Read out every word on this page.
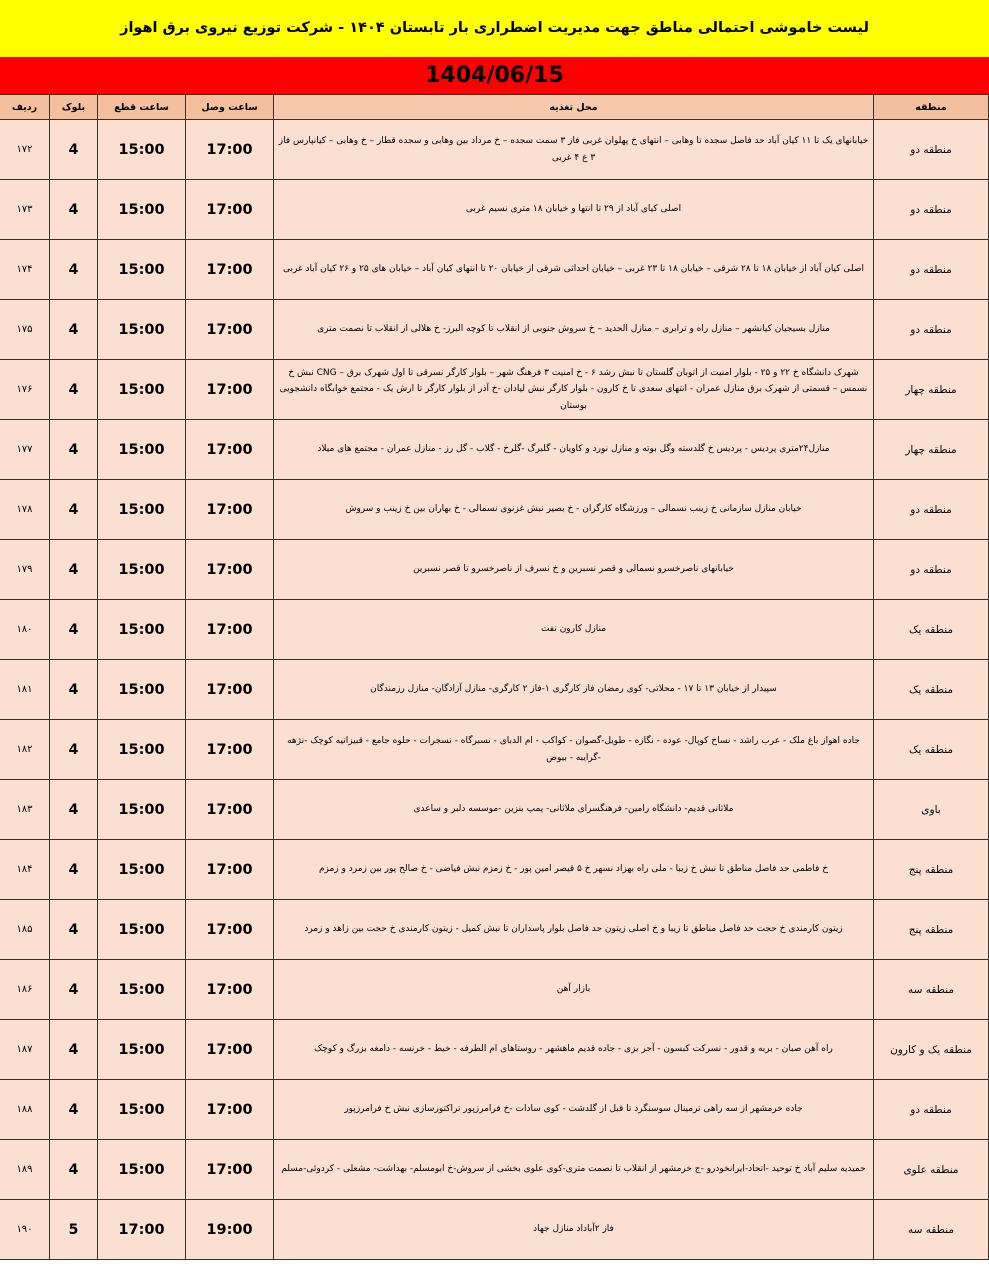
لیست خاموشی احتمالی مناطق جهت مدیریت اضطراری بار تابستان ۱۴۰۴ - شرکت توزیع نیروی برق اهواز
1404/06/15
منطقه	محل تغذیه	ساعت وصل	ساعت قطع	بلوک	ردیف
منطقه دو	خیابانهای یک تا ۱۱ کیان آباد حد فاصل سجده تا وهابی – انتهای خ پهلوان غربی فاز ۳ سمت سجده – خ مرداد بین وهابی و سجده قطار – خ وهابی – کیانپارس فاز ۳ غ ۴ غربی	17:00	15:00	4	۱۷۲
منطقه دو	اصلی کیای آباد از ۲۹ تا انتها و خیابان ۱۸ متری نسیم غربی	17:00	15:00	4	۱۷۳
منطقه دو	اصلی کیان آباد از خیابان ۱۸ تا ۲۸ شرقی – خیابان ۱۸ تا ۲۳ غربی – خیابان احداثی شرقی از خیابان ۲۰ تا انتهای کیان آباد – خیابان های ۲۵ و ۲۶ کیان آباد غربی	17:00	15:00	4	۱۷۴
منطقه دو	منازل بسیجیان کیانشهر – منازل راه و ترابری – منازل الحدید – خ سروش جنوبی از انقلاب تا کوچه البرز- خ هلالی از انقلاب تا نصمت متری	17:00	15:00	4	۱۷۵
منطقه چهار	شهرک دانشگاه خ ۲۲ و ۲۵ - بلوار امنیت از اتوبان گلستان تا نبش رشد ۶ - خ امنیت ۳ فرهنگ شهر – بلوار کارگر نسرقی تا اول شهرک برق – CNG نبش خ نسمس – قسمتی از شهرک برق منازل عمران - انتهای سعدی تا خ کارون - بلوار کارگر نبش لیادان -خ آذر از بلوار کارگر تا ارش یک - مجتمع خوابگاه دانشجویی بوستان	17:00	15:00	4	۱۷۶
منطقه چهار	منازل۲۴متری پردیس - پردیس خ گلدسته وگل بوته و منازل نورد و کاویان - گلبرگ -گلرخ - گلاب - گل رز - منازل عمران - مجتمع های میلاد	17:00	15:00	4	۱۷۷
منطقه دو	خیابان منازل سازمانی خ زینب نسمالی – ورزشگاه کارگران - خ بصیر نبش غزنوی نسمالی - خ بهاران بین خ زینب و سروش	17:00	15:00	4	۱۷۸
منطقه دو	خیابانهای ناصرخسرو نسمالی و قصر نسبرین و خ نسرف از ناصرخسرو تا قصر نسبرین	17:00	15:00	4	۱۷۹
منطقه یک	منازل کارون نفت	17:00	15:00	4	۱۸۰
منطقه یک	سپیدار از خیابان ۱۳ تا ۱۷ - محلاتی- کوی رمضان فاز کارگری ۱-فاز ۲ کارگری- منازل آزادگان- منازل رزمندگان	17:00	15:00	4	۱۸۱
منطقه یک	جاده اهواز باغ ملک - عرب راشد - نساخ کوپال- عوده - نگازه - طویل-گصوان - کواکب - ام الدبای - نسبرگاه - نسجرات - حلوه جامع - قبیزاتیه کوچک -نژهه -گرایبه - بیوض	17:00	15:00	4	۱۸۲
باوی	ملاثانی قدیم- دانشگاه رامین- فرهنگسرای ملاثانی- پمپ بنزین -موسسه دلبر و ساعدی	17:00	15:00	4	۱۸۳
منطقه پنج	خ فاطمی حد فاصل مناطق تا نبش خ زیبا - ملی راه بهزاد نسهر خ ۵ قیصر امین پور - خ زمزم نبش فیاضی - خ صالح پور بین زمرد و زمزم	17:00	15:00	4	۱۸۴
منطقه پنج	زیتون کارمندی خ حجت حد فاصل مناطق تا زیبا و خ اصلی زیتون حد فاصل بلوار پاسداران تا نبش کمیل - زیتون کارمندی خ حجت بین زاهد و زمرد	17:00	15:00	4	۱۸۵
منطقه سه	بازار آهن	17:00	15:00	4	۱۸۶
منطقه یک و کارون	راه آهن صبان - بربه و قدور - نسرکت کبسون - آجر بزی - جاده قدیم ماهشهر - روستاهای ام الطرفه - خبط - خرنسه - دامغه بزرگ و کوچک	17:00	15:00	4	۱۸۷
منطقه دو	جاده خرمشهر از سه راهی ترمینال سوسنگرد تا قبل از گلدشت - کوی سادات -خ فرامرزپور تراکتورسازی نبش خ فرامرزپور	17:00	15:00	4	۱۸۸
منطقه علوی	حمیدیه سلیم آباد خ توحید -اتحاد-ایرانخودرو -ج خرمشهر از انقلاب تا نصمت متری-کوی علوی بخشی از سروش-خ ابومسلم- بهداشت- مشعلی - کردوئی-مسلم	17:00	15:00	4	۱۸۹
منطقه سه	فاز ۲آباداد منازل جهاد	19:00	17:00	5	۱۹۰
